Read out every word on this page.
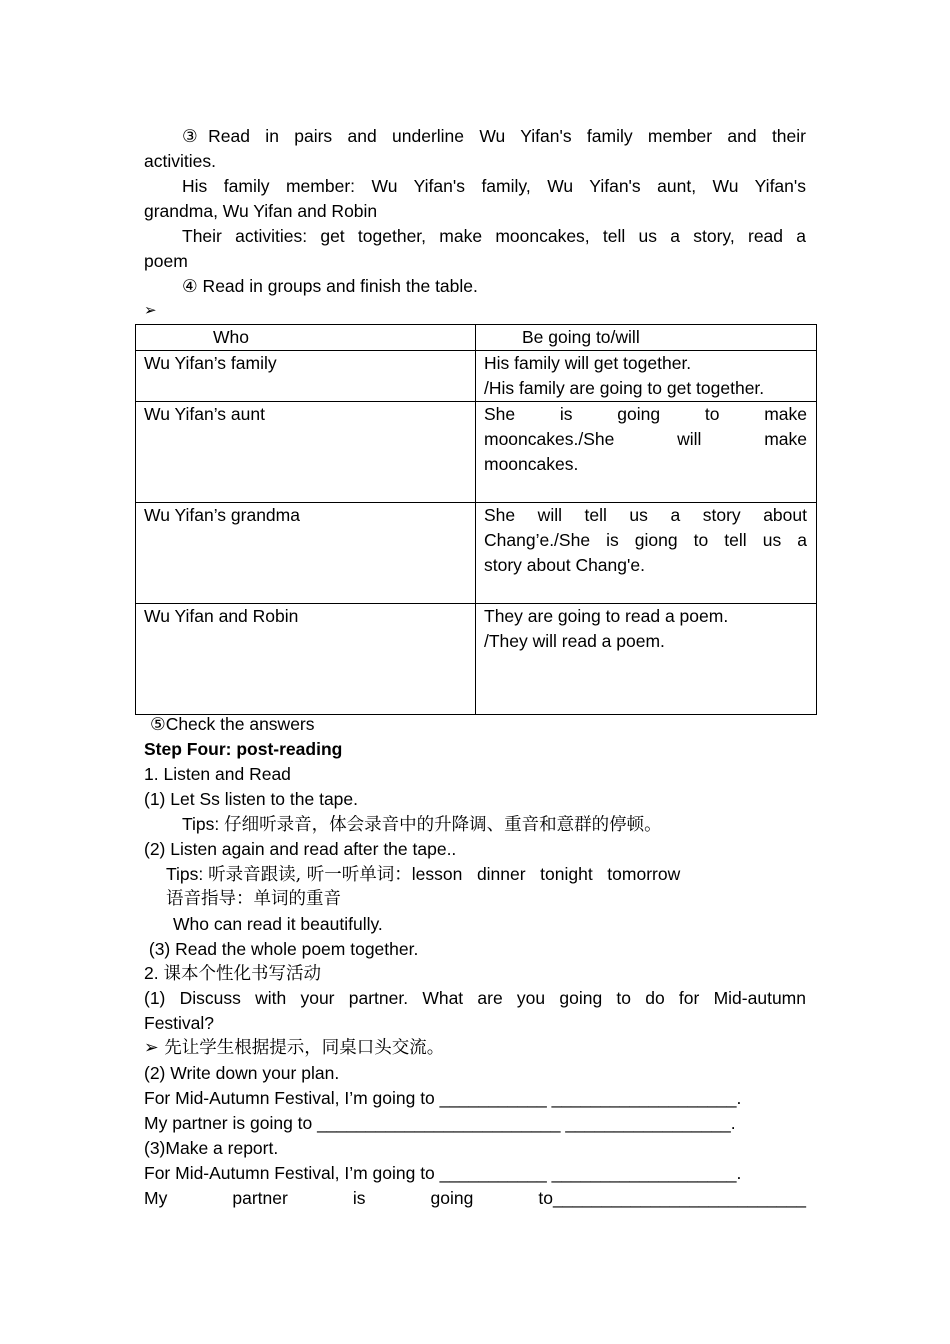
③Read in pairs and underline Wu Yifan's family member and their
activities.
His family member: Wu Yifan's family, Wu Yifan's aunt, Wu Yifan's
grandma, Wu Yifan and Robin
Their activities: get together, make mooncakes, tell us a story, read a
poem
④ Read in groups and finish the table.
➢
Who	Be going to/will
Wu Yifan’s family	His family will get together.
/His family are going to get together.

Wu Yifan’s aunt	She is going to make
mooncakes./She will make
mooncakes.

Wu Yifan’s grandma	She will tell us a story about
Chang’e./She is giong to tell us a
story about Chang'e.

Wu Yifan and Robin	They are going to read a poem.
/They will read a poem.
⑤Check the answers
Step Four: post-reading
1. Listen and Read
(1) Let Ss listen to the tape.
Tips: 仔细听录音，体会录音中的升降调、重音和意群的停顿。
(2) Listen again and read after the tape..
Tips: 听录音跟读, 听一听单词：lesson   dinner   tonight   tomorrow
语音指导：单词的重音
Who can read it beautifully.
(3) Read the whole poem together.
2. 课本个性化书写活动
(1) Discuss with your partner. What are you going to do for Mid-autumn
Festival?
➢ 先让学生根据提示，同桌口头交流。
(2) Write down your plan.
For Mid-Autumn Festival, I’m going to ___________ ___________________.
My partner is going to _________________________ _________________.
(3)Make a report.
For Mid-Autumn Festival, I’m going to ___________ ___________________.
My partner is going to__________________________
